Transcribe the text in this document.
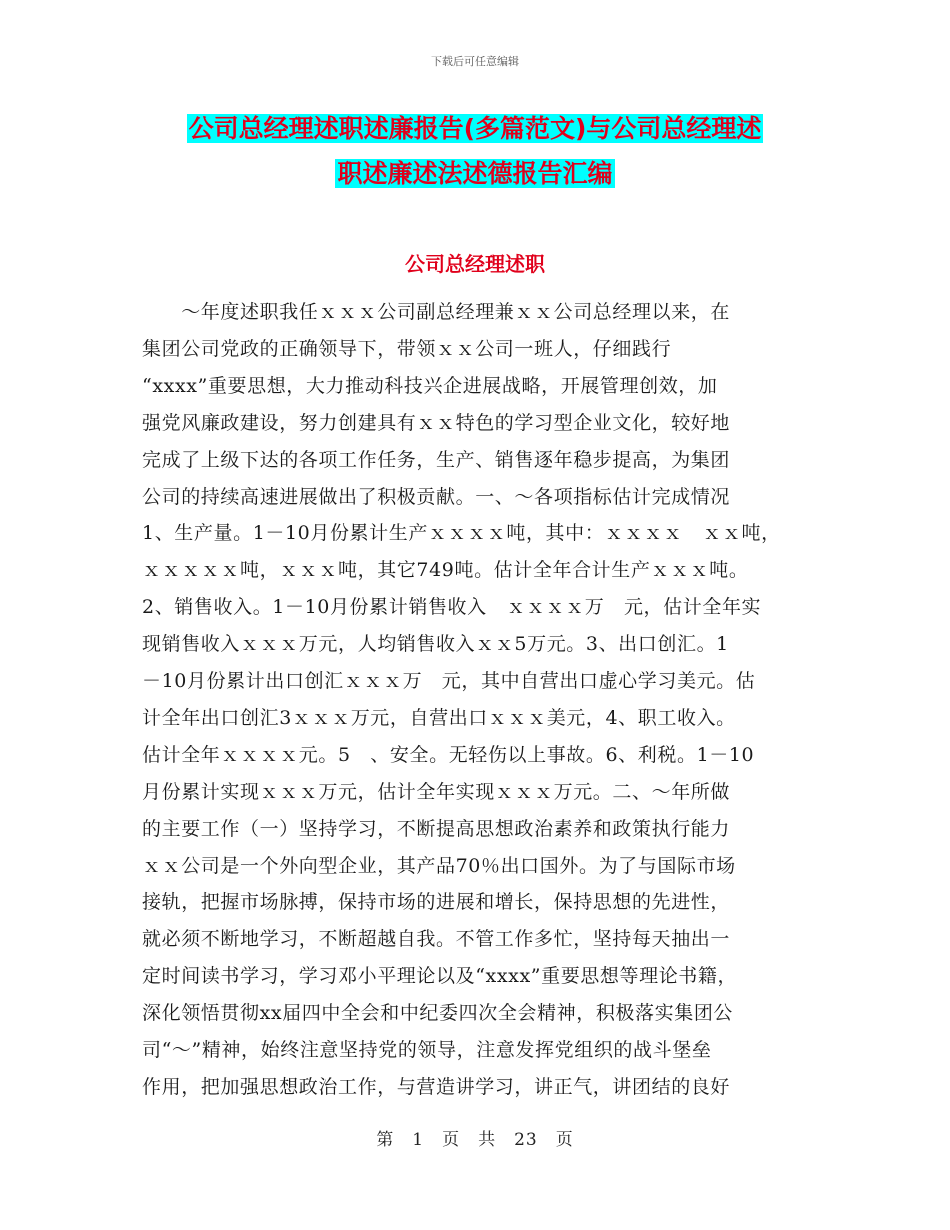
下载后可任意编辑
公司总经理述职述廉报告(多篇范文)与公司总经理述
职述廉述法述德报告汇编
公司总经理述职
　　～年度述职我任ｘｘｘ公司副总经理兼ｘｘ公司总经理以来，在
集团公司党政的正确领导下，带领ｘｘ公司一班人，仔细践行
“xxxx”重要思想，大力推动科技兴企进展战略，开展管理创效，加
强党风廉政建设，努力创建具有ｘｘ特色的学习型企业文化，较好地
完成了上级下达的各项工作任务，生产、销售逐年稳步提高，为集团
公司的持续高速进展做出了积极贡献。一、～各项指标估计完成情况
1、生产量。1－10月份累计生产ｘｘｘｘ吨，其中：ｘｘｘｘ　ｘｘ吨，
ｘｘｘｘｘ吨，ｘｘｘ吨，其它749吨。估计全年合计生产ｘｘｘ吨。
2、销售收入。1－10月份累计销售收入　ｘｘｘｘ万　元，估计全年实
现销售收入ｘｘｘ万元，人均销售收入ｘｘ5万元。3、出口创汇。1
－10月份累计出口创汇ｘｘｘ万　元，其中自营出口虚心学习美元。估
计全年出口创汇3ｘｘｘ万元，自营出口ｘｘｘ美元，4、职工收入。
估计全年ｘｘｘｘ元。5　、安全。无轻伤以上事故。6、利税。1－10
月份累计实现ｘｘｘ万元，估计全年实现ｘｘｘ万元。二、～年所做
的主要工作（一）坚持学习，不断提高思想政治素养和政策执行能力
ｘｘ公司是一个外向型企业，其产品70％出口国外。为了与国际市场
接轨，把握市场脉搏，保持市场的进展和增长，保持思想的先进性，
就必须不断地学习，不断超越自我。不管工作多忙，坚持每天抽出一
定时间读书学习，学习邓小平理论以及“xxxx”重要思想等理论书籍，
深化领悟贯彻xx届四中全会和中纪委四次全会精神，积极落实集团公
司“～”精神，始终注意坚持党的领导，注意发挥党组织的战斗堡垒
作用，把加强思想政治工作，与营造讲学习，讲正气，讲团结的良好
第　1　页　共　23　页
